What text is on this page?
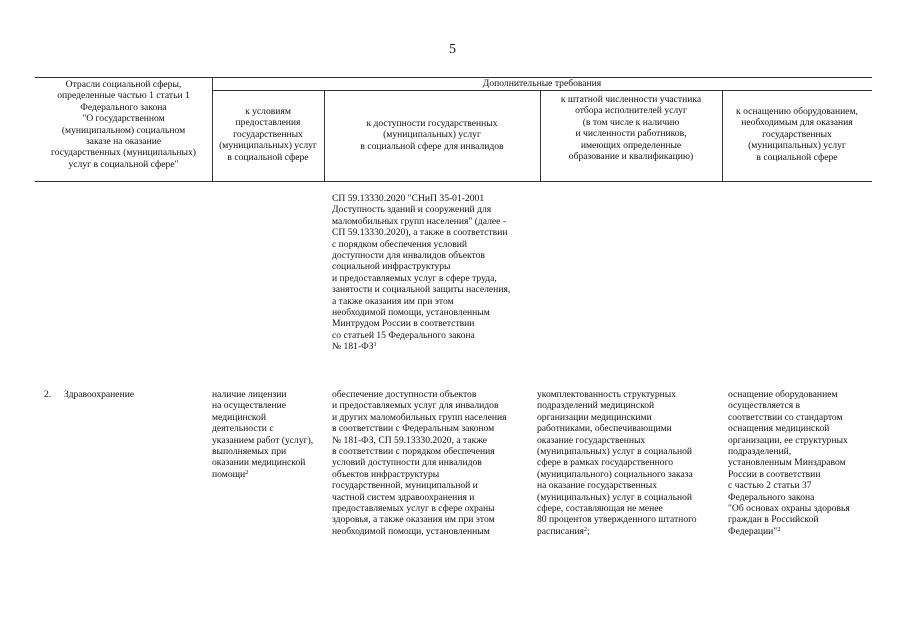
5
Отрасли социальной сферы,
определенные частью 1 статьи 1
Федерального закона
"О государственном
(муниципальном) социальном
заказе на оказание
государственных (муниципальных)
услуг в социальной сфере"
Дополнительные требования
к условиям
предоставления
государственных
(муниципальных) услуг
в социальной сфере
к доступности государственных
(муниципальных) услуг
в социальной сфере для инвалидов
к штатной численности участника
отбора исполнителей услуг
(в том числе к наличию
и численности работников,
имеющих определенные
образование и квалификацию)
к оснащению оборудованием,
необходимым для оказания
государственных
(муниципальных) услуг
в социальной сфере
СП 59.13330.2020 "СНиП 35-01-2001
Доступность зданий и сооружений для
маломобильных групп населения" (далее -
СП 59.13330.2020), а также в соответствии
с порядком обеспечения условий
доступности для инвалидов объектов
социальной инфраструктуры
и предоставляемых услуг в сфере труда,
занятости и социальной защиты населения,
а также оказания им при этом
необходимой помощи, установленным
Минтрудом России в соответствии
со статьей 15 Федерального закона
№ $181-ФЗ^1$
2. Здравоохранение	наличие лицензии
на осуществление
медицинской
деятельности с
указанием работ (услуг),
выполняемых при
оказании медицинской
помощи$^2$
обеспечение доступности объектов
и предоставляемых услуг для инвалидов
и других маломобильных групп населения
в соответствии с Федеральным законом
№ 181-ФЗ, СП 59.13330.2020, а также
в соответствии с порядком обеспечения
условий доступности для инвалидов
объектов инфраструктуры
государственной, муниципальной и
частной систем здравоохранения и
предоставляемых услуг в сфере охраны
здоровья, а также оказания им при этом
необходимой помощи, установленным
укомплектованность структурных
подразделений медицинской
организации медицинскими
работниками, обеспечивающими
оказание государственных
(муниципальных) услуг в социальной
сфере в рамках государственного
(муниципального) социального заказа
на оказание государственных
(муниципальных) услуг в социальной
сфере, составляющая не менее
80 процентов утвержденного штатного
расписания$^2$;
оснащение оборудованием
осуществляется в
соответствии со стандартом
оснащения медицинской
организации, ее структурных
подразделений,
установленным Минздравом
России в соответствии
с частью 2 статьи 37
Федерального закона
"Об основах охраны здоровья
граждан в Российской
Федерации"$^2$
